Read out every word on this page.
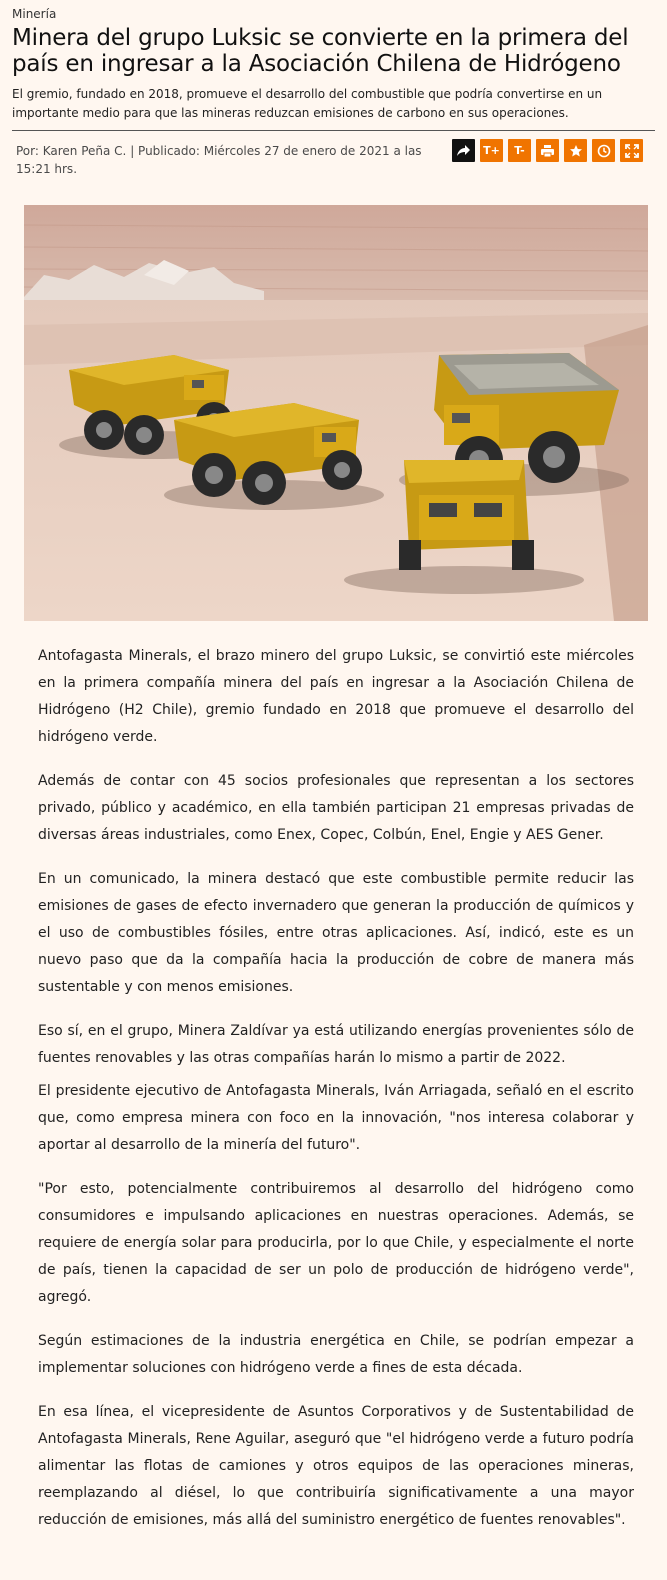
Minería
Minera del grupo Luksic se convierte en la primera del país en ingresar a la Asociación Chilena de Hidrógeno
El gremio, fundado en 2018, promueve el desarrollo del combustible que podría convertirse en un importante medio para que las mineras reduzcan emisiones de carbono en sus operaciones.
Por: Karen Peña C. | Publicado: Miércoles 27 de enero de 2021 a las 15:21 hrs.
T+	T-

Antofagasta Minerals, el brazo minero del grupo Luksic, se convirtió este miércoles en la primera compañía minera del país en ingresar a la Asociación Chilena de Hidrógeno (H2 Chile), gremio fundado en 2018 que promueve el desarrollo del hidrógeno verde.

Además de contar con 45 socios profesionales que representan a los sectores privado, público y académico, en ella también participan 21 empresas privadas de diversas áreas industriales, como Enex, Copec, Colbún, Enel, Engie y AES Gener.

En un comunicado, la minera destacó que este combustible permite reducir las emisiones de gases de efecto invernadero que generan la producción de químicos y el uso de combustibles fósiles, entre otras aplicaciones. Así, indicó, este es un nuevo paso que da la compañía hacia la producción de cobre de manera más sustentable y con menos emisiones.

Eso sí, en el grupo, Minera Zaldívar ya está utilizando energías provenientes sólo de fuentes renovables y las otras compañías harán lo mismo a partir de 2022.

El presidente ejecutivo de Antofagasta Minerals, Iván Arriagada, señaló en el escrito que, como empresa minera con foco en la innovación, "nos interesa colaborar y aportar al desarrollo de la minería del futuro".

"Por esto, potencialmente contribuiremos al desarrollo del hidrógeno como consumidores e impulsando aplicaciones en nuestras operaciones. Además, se requiere de energía solar para producirla, por lo que Chile, y especialmente el norte de país, tienen la capacidad de ser un polo de producción de hidrógeno verde", agregó.

Según estimaciones de la industria energética en Chile, se podrían empezar a implementar soluciones con hidrógeno verde a fines de esta década.

En esa línea, el vicepresidente de Asuntos Corporativos y de Sustentabilidad de Antofagasta Minerals, Rene Aguilar, aseguró que "el hidrógeno verde a futuro podría alimentar las flotas de camiones y otros equipos de las operaciones mineras, reemplazando al diésel, lo que contribuiría significativamente a una mayor reducción de emisiones, más allá del suministro energético de fuentes renovables".
